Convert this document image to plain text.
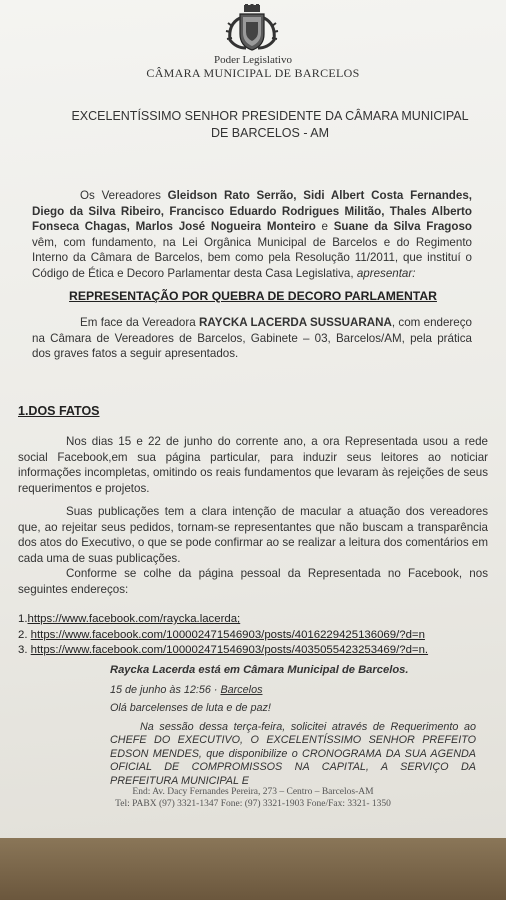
Poder Legislativo
CÂMARA MUNICIPAL DE BARCELOS
EXCELENTÍSSIMO SENHOR PRESIDENTE DA CÂMARA MUNICIPAL
DE BARCELOS - AM
Os Vereadores Gleidson Rato Serrão, Sidi Albert Costa Fernandes, Diego da Silva Ribeiro, Francisco Eduardo Rodrigues Militão, Thales Alberto Fonseca Chagas, Marlos José Nogueira Monteiro e Suane da Silva Fragoso vêm, com fundamento, na Lei Orgânica Municipal de Barcelos e do Regimento Interno da Câmara de Barcelos, bem como pela Resolução 11/2011, que instituí o Código de Ética e Decoro Parlamentar desta Casa Legislativa, apresentar:
REPRESENTAÇÃO POR QUEBRA DE DECORO PARLAMENTAR
Em face da Vereadora RAYCKA LACERDA SUSSUARANA, com endereço na Câmara de Vereadores de Barcelos, Gabinete – 03, Barcelos/AM, pela prática dos graves fatos a seguir apresentados.
1.DOS FATOS
Nos dias 15 e 22 de junho do corrente ano, a ora Representada usou a rede social Facebook,em sua página particular, para induzir seus leitores ao noticiar informações incompletas, omitindo os reais fundamentos que levaram às rejeições de seus requerimentos e projetos.
Suas publicações tem a clara intenção de macular a atuação dos vereadores que, ao rejeitar seus pedidos, tornam-se representantes que não buscam a transparência dos atos do Executivo, o que se pode confirmar ao se realizar a leitura dos comentários em cada uma de suas publicações.
Conforme se colhe da página pessoal da Representada no Facebook, nos seguintes endereços:
1.https://www.facebook.com/raycka.lacerda;
2. https://www.facebook.com/100002471546903/posts/4016229425136069/?d=n
3. https://www.facebook.com/100002471546903/posts/4035055423253469/?d=n.
Raycka Lacerda está em Câmara Municipal de Barcelos.
15 de junho às 12:56 · Barcelos
Olá barcelenses de luta e de paz!
Na sessão dessa terça-feira, solicitei através de Requerimento ao CHEFE DO EXECUTIVO, O EXCELENTÍSSIMO SENHOR PREFEITO EDSON MENDES, que disponibilize o CRONOGRAMA DA SUA AGENDA OFICIAL DE COMPROMISSOS NA CAPITAL, A SERVIÇO DA PREFEITURA MUNICIPAL E
End: Av. Dacy Fernandes Pereira, 273 – Centro – Barcelos-AM
Tel: PABX (97) 3321-1347 Fone: (97) 3321-1903 Fone/Fax: 3321- 1350
